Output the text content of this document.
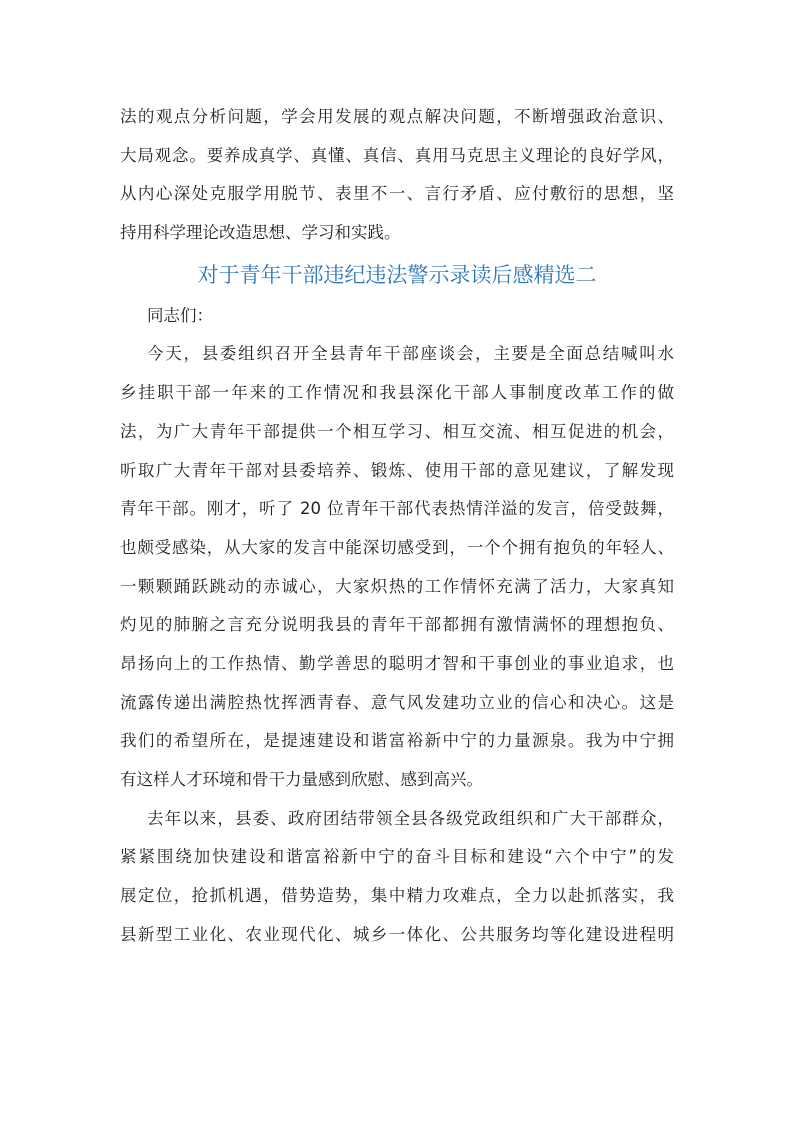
法的观点分析问题，学会用发展的观点解决问题，不断增强政治意识、
大局观念。要养成真学、真懂、真信、真用马克思主义理论的良好学风，
从内心深处克服学用脱节、表里不一、言行矛盾、应付敷衍的思想，坚
持用科学理论改造思想、学习和实践。
对于青年干部违纪违法警示录读后感精选二
同志们：
今天，县委组织召开全县青年干部座谈会，主要是全面总结喊叫水
乡挂职干部一年来的工作情况和我县深化干部人事制度改革工作的做
法，为广大青年干部提供一个相互学习、相互交流、相互促进的机会，
听取广大青年干部对县委培养、锻炼、使用干部的意见建议，了解发现
青年干部。刚才，听了 20 位青年干部代表热情洋溢的发言，倍受鼓舞，
也颇受感染，从大家的发言中能深切感受到，一个个拥有抱负的年轻人、
一颗颗踊跃跳动的赤诚心，大家炽热的工作情怀充满了活力，大家真知
灼见的肺腑之言充分说明我县的青年干部都拥有激情满怀的理想抱负、
昂扬向上的工作热情、勤学善思的聪明才智和干事创业的事业追求，也
流露传递出满腔热忱挥洒青春、意气风发建功立业的信心和决心。这是
我们的希望所在，是提速建设和谐富裕新中宁的力量源泉。我为中宁拥
有这样人才环境和骨干力量感到欣慰、感到高兴。
去年以来，县委、政府团结带领全县各级党政组织和广大干部群众，
紧紧围绕加快建设和谐富裕新中宁的奋斗目标和建设“六个中宁”的发
展定位，抢抓机遇，借势造势，集中精力攻难点，全力以赴抓落实，我
县新型工业化、农业现代化、城乡一体化、公共服务均等化建设进程明
